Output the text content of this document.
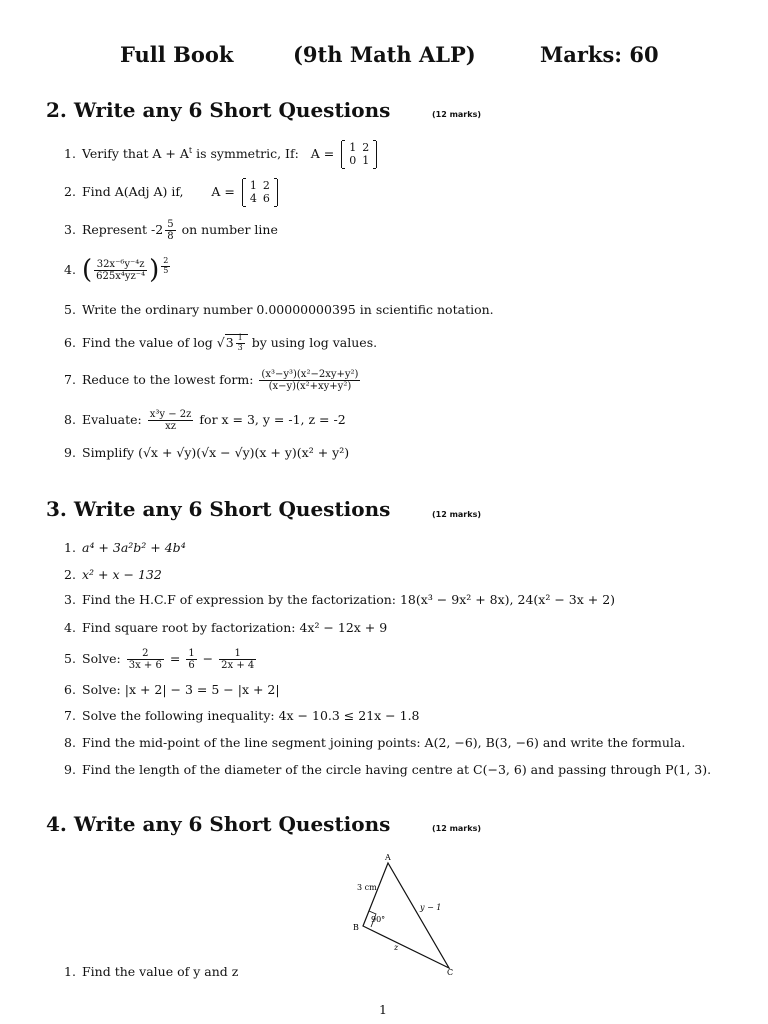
Full Book	(9th Math ALP)	Marks: 60
2. Write any 6 Short Questions	(12 marks)
1. Verify that $A + A^t$ is symmetric, If: A = 1	2
0	1
2. Find A(Adj A) if, A = 1	2
4	6
3. Represent $-2 \frac{5}{8}$ on number line
4. ( $\frac{\text{32x⁻⁶y⁻⁴z}}{\text{625x⁴yz⁻⁴}}$ ) $\frac{2}{5}$
5. Write the ordinary number 0.00000000395 in scientific notation.
6. Find the value of $\log √3 \frac{1}{3}$ by using log values.
7. Reduce to the lowest form: $\frac{\text{(x³−y³)(x²−2xy+y²)}}{\text{(x−y)(x²+xy+y²)}}$
8. Evaluate: $\frac{\text{x³y − 2z}}{xz}$ for x = 3, y = -1, z = -2
9. Simplify (√x + √y)(√x − √y)(x + y)(x² + y²)
3. Write any 6 Short Questions	(12 marks)
1. a⁴ + 3a²b² + 4b⁴
2. x² + x − 132
3. Find the H.C.F of expression by the factorization: 18(x³ − 9x² + 8x), 24(x² − 3x + 2)
4. Find square root by factorization: 4x² − 12x + 9
5. Solve: $\frac{2}{3x + 6} = \frac{1}{6} - \frac{1}{2x + 4}$
6. Solve: |x + 2| − 3 = 5 − |x + 2|
7. Solve the following inequality: 4x − 10.3 ≤ 21x − 1.8
8. Find the mid-point of the line segment joining points: A(2, −6), B(3, −6) and write the formula.
9. Find the length of the diameter of the circle having centre at C(−3, 6) and passing through P(1, 3).
4. Write any 6 Short Questions	(12 marks)
A
B
C
3 cm
y − 1
z
90°
1. Find the value of y and z
1
